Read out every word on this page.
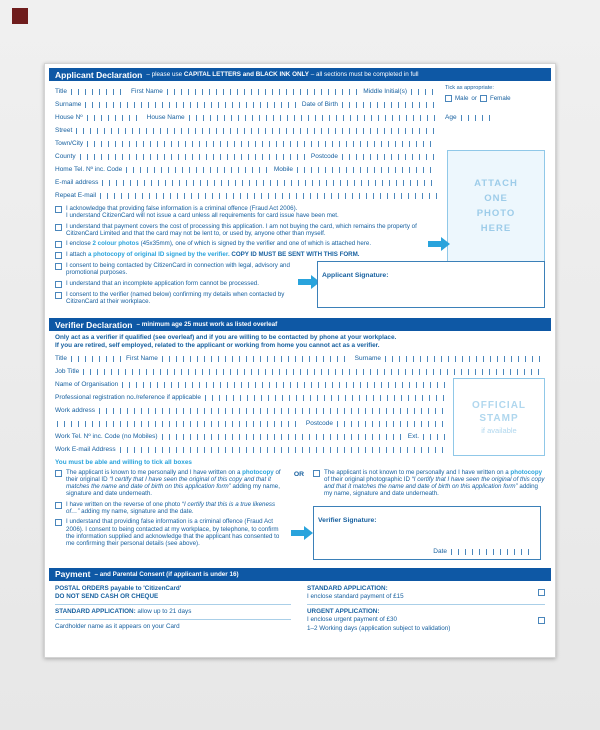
Applicant Declaration – please use CAPITAL LETTERS and BLACK INK ONLY – all sections must be completed in full
Title	First Name	Middle Initial(s)
Surname	Date of Birth
House Nº	House Name
Street
Town/City
County	Postcode
Home Tel. Nº inc. Code	Mobile
E-mail address
Repeat E-mail
I acknowledge that providing false information is a criminal offence (Fraud Act 2006).
I understand CitizenCard will not issue a card unless all requirements for card issue have been met.
I understand that payment covers the cost of processing this application. I am not buying the card, which remains the property of CitizenCard Limited and that the card may not be lent to, or used by, anyone other than myself.
I enclose 2 colour photos (45x35mm), one of which is signed by the verifier and one of which is attached here.
I attach a photocopy of original ID signed by the verifier. COPY ID MUST BE SENT WITH THIS FORM.
I consent to being contacted by CitizenCard in connection with legal, advisory and promotional purposes.
I understand that an incomplete application form cannot be processed.
I consent to the verifier (named below) confirming my details when contacted by CitizenCard at their workplace.
Tick as appropriate:
Male or Female
Age
ATTACH
ONE
PHOTO
HERE
Applicant Signature:
Verifier Declaration – minimum age 25 must work as listed overleaf
Only act as a verifier if qualified (see overleaf) and if you are willing to be contacted by phone at your workplace.
If you are retired, self employed, related to the applicant or working from home you cannot act as a verifier.
Title	First Name	Surname
Job Title
Name of Organisation
Professional registration no./reference if applicable
Work address
Postcode
Work Tel. Nº inc. Code (no Mobiles)	Ext.
Work E-mail Address
OFFICIAL
STAMP
if available
You must be able and willing to tick all boxes
The applicant is known to me personally and I have written on a photocopy of their original ID “I certify that I have seen the original of this copy and that it matches the name and date of birth on this application form” adding my name, signature and date underneath.
I have written on the reverse of one photo “I certify that this is a true likeness of…” adding my name, signature and the date.
I understand that providing false information is a criminal offence (Fraud Act 2006). I consent to being contacted at my workplace, by telephone, to confirm the information supplied and acknowledge that the applicant has consented to me confirming their personal details (see above).
OR	The applicant is not known to me personally and I have written on a photocopy of their original photographic ID “I certify that I have seen the original of this copy and that it matches the name and date of birth on this application form” adding my name, signature and date underneath.
Verifier Signature:
Date
Payment – and Parental Consent (if applicant is under 16)
POSTAL ORDERS payable to 'CitizenCard'
DO NOT SEND CASH OR CHEQUE
STANDARD APPLICATION: allow up to 21 days
Cardholder name as it appears on your Card
STANDARD APPLICATION:
I enclose standard payment of £15
URGENT APPLICATION:
I enclose urgent payment of £30
1–2 Working days (application subject to validation)
